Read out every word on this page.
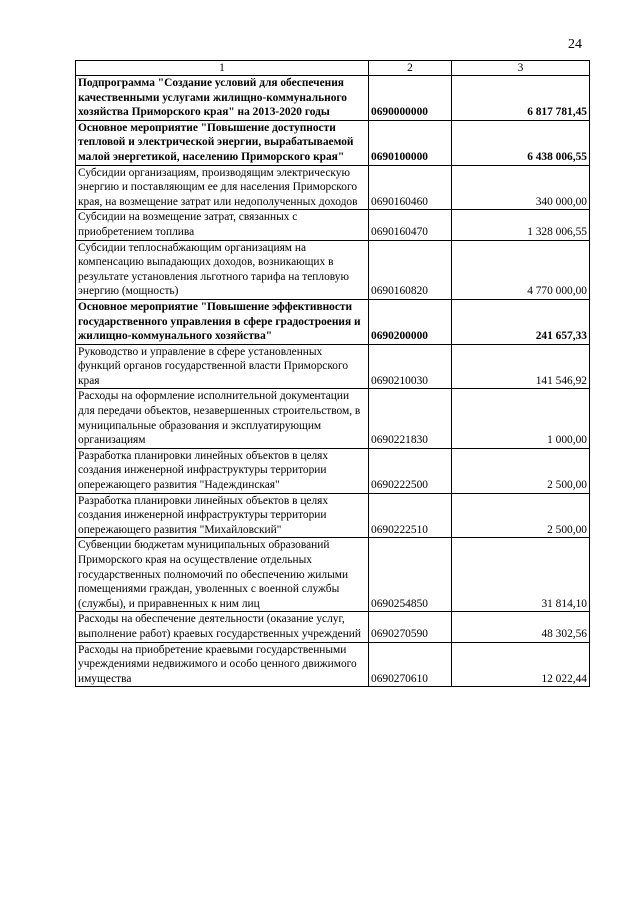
24
1	2	3
Подпрограмма "Создание условий для обеспечения качественными услугами жилищно-коммунального хозяйства Приморского края" на 2013-2020 годы	0690000000	6 817 781,45
Основное мероприятие "Повышение доступности тепловой и электрической энергии, вырабатываемой малой энергетикой, населению Приморского края"	0690100000	6 438 006,55
Субсидии организациям, производящим электрическую энергию и поставляющим ее для населения Приморского края, на возмещение затрат или недополученных доходов	0690160460	340 000,00
Субсидии на возмещение затрат, связанных с приобретением топлива	0690160470	1 328 006,55
Субсидии теплоснабжающим организациям на компенсацию выпадающих доходов, возникающих в результате установления льготного тарифа на тепловую энергию (мощность)	0690160820	4 770 000,00
Основное мероприятие "Повышение эффективности государственного управления в сфере градостроения и жилищно-коммунального хозяйства"	0690200000	241 657,33
Руководство и управление в сфере установленных функций органов государственной власти Приморского края	0690210030	141 546,92
Расходы на оформление исполнительной документации для передачи объектов, незавершенных строительством, в муниципальные образования и эксплуатирующим организациям	0690221830	1 000,00
Разработка планировки линейных объектов в целях создания инженерной инфраструктуры территории опережающего развития "Надеждинская"	0690222500	2 500,00
Разработка планировки линейных объектов в целях создания инженерной инфраструктуры территории опережающего развития "Михайловский"	0690222510	2 500,00
Субвенции бюджетам муниципальных образований Приморского края на осуществление отдельных государственных полномочий по обеспечению жилыми помещениями граждан, уволенных с военной службы (службы), и приравненных к ним лиц	0690254850	31 814,10
Расходы на обеспечение деятельности (оказание услуг, выполнение работ) краевых государственных учреждений	0690270590	48 302,56
Расходы на приобретение краевыми государственными учреждениями недвижимого и особо ценного движимого имущества	0690270610	12 022,44
